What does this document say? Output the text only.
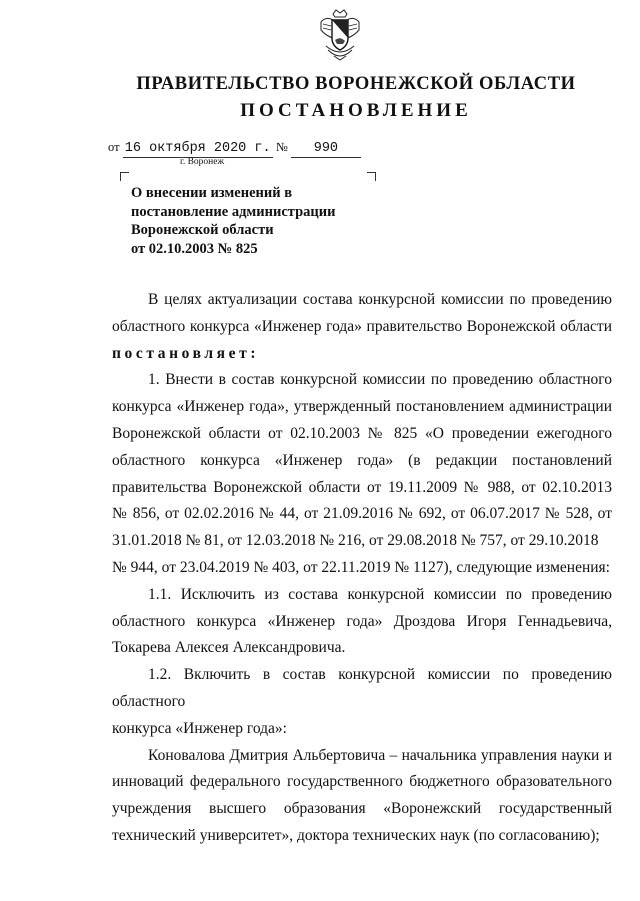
ПРАВИТЕЛЬСТВО ВОРОНЕЖСКОЙ ОБЛАСТИ
ПОСТАНОВЛЕНИЕ
от 16 октября 2020 г. № 990
г. Воронеж
О внесении изменений в
постановление администрации
Воронежской области
от 02.10.2003 № 825

В целях актуализации состава конкурсной комиссии по проведению

областного конкурса «Инженер года» правительство Воронежской области

постановляет:

1. Внести в состав конкурсной комиссии по проведению областного

конкурса «Инженер года», утвержденный постановлением администрации

Воронежской области от 02.10.2003 № 825 «О проведении ежегодного

областного конкурса «Инженер года» (в редакции постановлений

правительства Воронежской области от 19.11.2009 № 988, от 02.10.2013

№ 856, от 02.02.2016 № 44, от 21.09.2016 № 692, от 06.07.2017 № 528, от

31.01.2018 № 81, от 12.03.2018 № 216, от 29.08.2018 № 757, от 29.10.2018

№ 944, от 23.04.2019 № 403, от 22.11.2019 № 1127), следующие изменения:

1.1. Исключить из состава конкурсной комиссии по проведению

областного конкурса «Инженер года» Дроздова Игоря Геннадьевича,

Токарева Алексея Александровича.

1.2. Включить в состав конкурсной комиссии по проведению областного

конкурса «Инженер года»:

Коновалова Дмитрия Альбертовича – начальника управления науки и

инноваций федерального государственного бюджетного образовательного

учреждения высшего образования «Воронежский государственный

технический университет», доктора технических наук (по согласованию);
